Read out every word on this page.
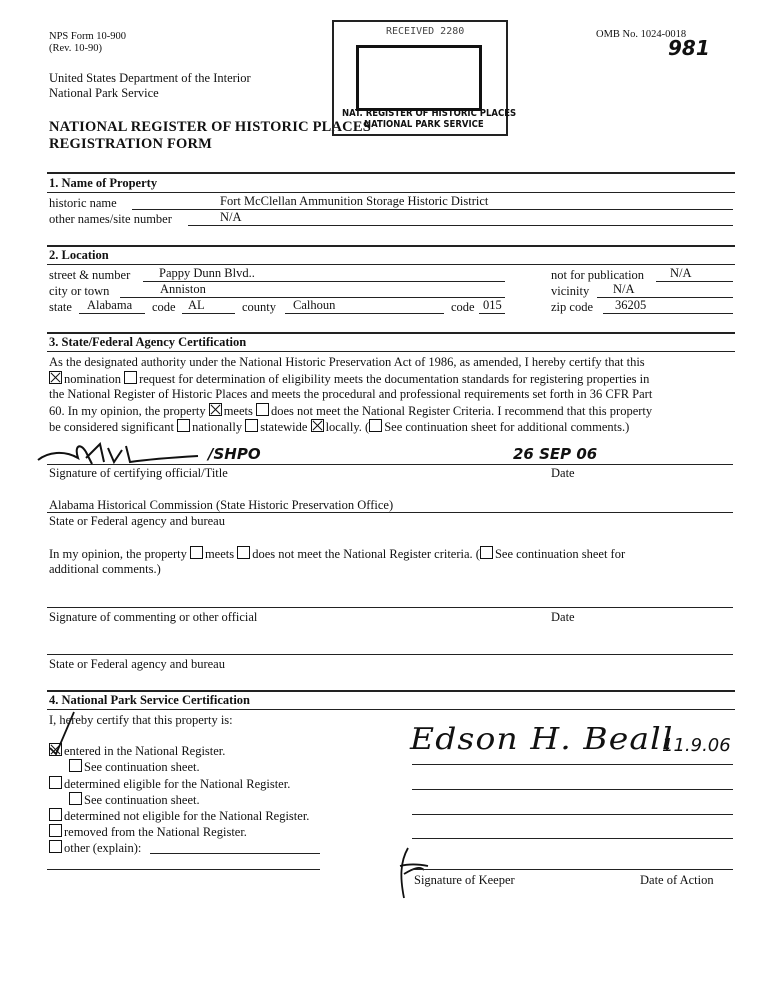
NPS Form 10-900
(Rev. 10-90)
OMB No. 1024-0018
981
United States Department of the Interior
National Park Service
NATIONAL REGISTER OF HISTORIC PLACES
REGISTRATION FORM
RECEIVED 2280
NAT. REGISTER OF HISTORIC PLACES
NATIONAL PARK SERVICE
1. Name of Property
historic name	Fort McClellan Ammunition Storage Historic District
other names/site number	N/A
2. Location
street & number	Pappy Dunn Blvd..	not for publication	N/A
city or town	Anniston	vicinity	N/A
state	Alabama	code AL	county	Calhoun	code 015	zip code	36205
3. State/Federal Agency Certification
As the designated authority under the National Historic Preservation Act of 1986, as amended, I hereby certify that this
nomination request for determination of eligibility meets the documentation standards for registering properties in
the National Register of Historic Places and meets the procedural and professional requirements set forth in 36 CFR Part
60. In my opinion, the property meets does not meet the National Register Criteria. I recommend that this property
be considered significant nationally statewide locally. ( See continuation sheet for additional comments.)
/SHPO	26 SEP 06
Signature of certifying official/Title	Date
Alabama Historical Commission (State Historic Preservation Office)
State or Federal agency and bureau
In my opinion, the property meets does not meet the National Register criteria. ( See continuation sheet for
additional comments.)
Signature of commenting or other official	Date
State or Federal agency and bureau
4. National Park Service Certification
I, hereby certify that this property is:
entered in the National Register.
See continuation sheet.
determined eligible for the National Register.
See continuation sheet.
determined not eligible for the National Register.
removed from the National Register.
other (explain):
Edson H. Beall
11.9.06
Signature of Keeper	Date of Action
